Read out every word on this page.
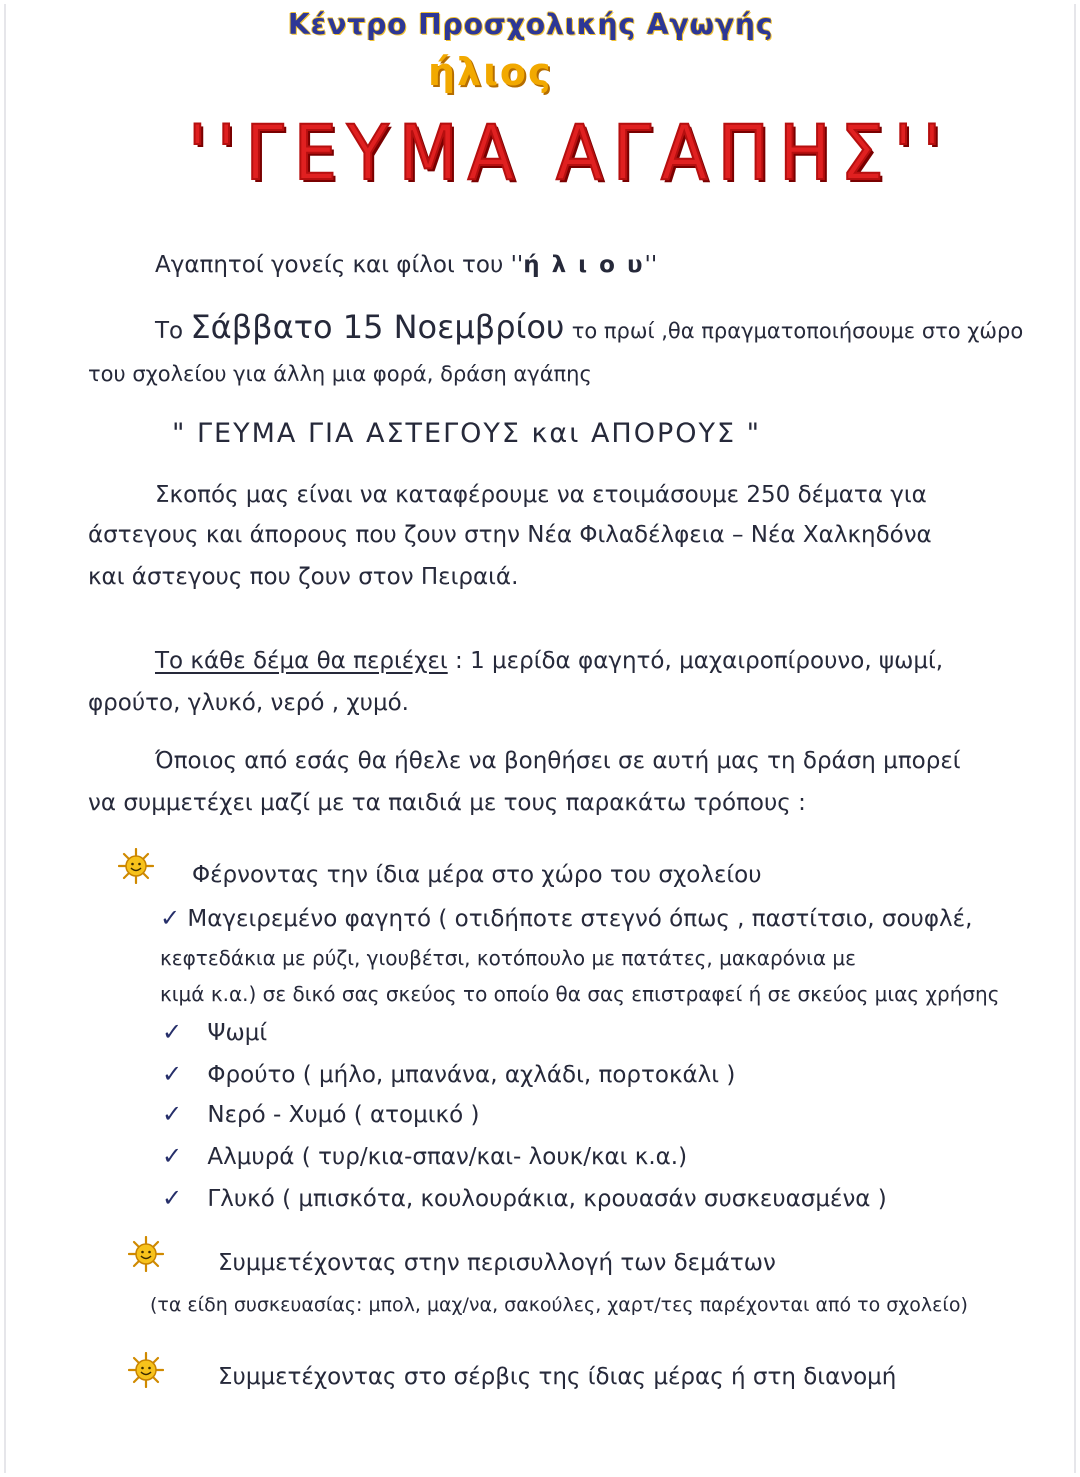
Κέντρο Προσχολικής Αγωγής
ήλιος
''ΓΕΥΜΑ ΑΓΑΠΗΣ''
Αγαπητοί γονείς και φίλοι του ''ή λ ι ο υ''
Το Σάββατο 15 Νοεμβρίου το πρωί ,θα πραγματοποιήσουμε στο χώρο
του σχολείου για άλλη μια φορά, δράση αγάπης
" ΓΕΥΜΑ ΓΙΑ ΑΣΤΕΓΟΥΣ και ΑΠΟΡΟΥΣ "
Σκοπός μας είναι να καταφέρουμε να ετοιμάσουμε 250 δέματα για
άστεγους και άπορους που ζουν στην Νέα Φιλαδέλφεια – Νέα Χαλκηδόνα
και άστεγους που ζουν στον Πειραιά.
Το κάθε δέμα θα περιέχει : 1 μερίδα φαγητό, μαχαιροπίρουνο, ψωμί,
φρούτο, γλυκό, νερό , χυμό.
Όποιος από εσάς θα ήθελε να βοηθήσει σε αυτή μας τη δράση μπορεί
να συμμετέχει μαζί με τα παιδιά με τους παρακάτω τρόπους :
Φέρνοντας την ίδια μέρα στο χώρο του σχολείου
✓ Μαγειρεμένο φαγητό ( οτιδήποτε στεγνό όπως , παστίτσιο, σουφλέ,
κεφτεδάκια με ρύζι, γιουβέτσι, κοτόπουλο με πατάτες, μακαρόνια με
κιμά κ.α.) σε δικό σας σκεύος το οποίο θα σας επιστραφεί ή σε σκεύος μιας χρήσης
✓ Ψωμί
✓ Φρούτο ( μήλο, μπανάνα, αχλάδι, πορτοκάλι )
✓ Νερό - Χυμό ( ατομικό )
✓ Αλμυρά ( τυρ/κια-σπαν/και- λουκ/και κ.α.)
✓ Γλυκό ( μπισκότα, κουλουράκια, κρουασάν συσκευασμένα )
Συμμετέχοντας στην περισυλλογή των δεμάτων
(τα είδη συσκευασίας: μπολ, μαχ/να, σακούλες, χαρτ/τες παρέχονται από το σχολείο)
Συμμετέχοντας στο σέρβις της ίδιας μέρας ή στη διανομή
